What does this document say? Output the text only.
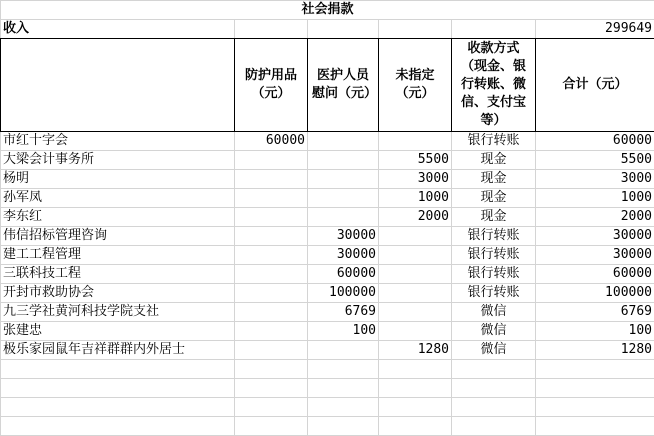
社会捐款					
收入					299649
	防护用品（元）	医护人员慰问（元）	未指定（元）	收款方式（现金、银行转账、微信、支付宝等）	合计（元）
市红十字会	60000			银行转账	60000
大梁会计事务所			5500	现金	5500
杨明			3000	现金	3000
孙军凤			1000	现金	1000
李东红			2000	现金	2000
伟信招标管理咨询		30000		银行转账	30000
建工工程管理		30000		银行转账	30000
三联科技工程		60000		银行转账	60000
开封市救助协会		100000		银行转账	100000
九三学社黄河科技学院支社		6769		微信	6769
张建忠		100		微信	100
极乐家园鼠年吉祥群群内外居士			1280	微信	1280
